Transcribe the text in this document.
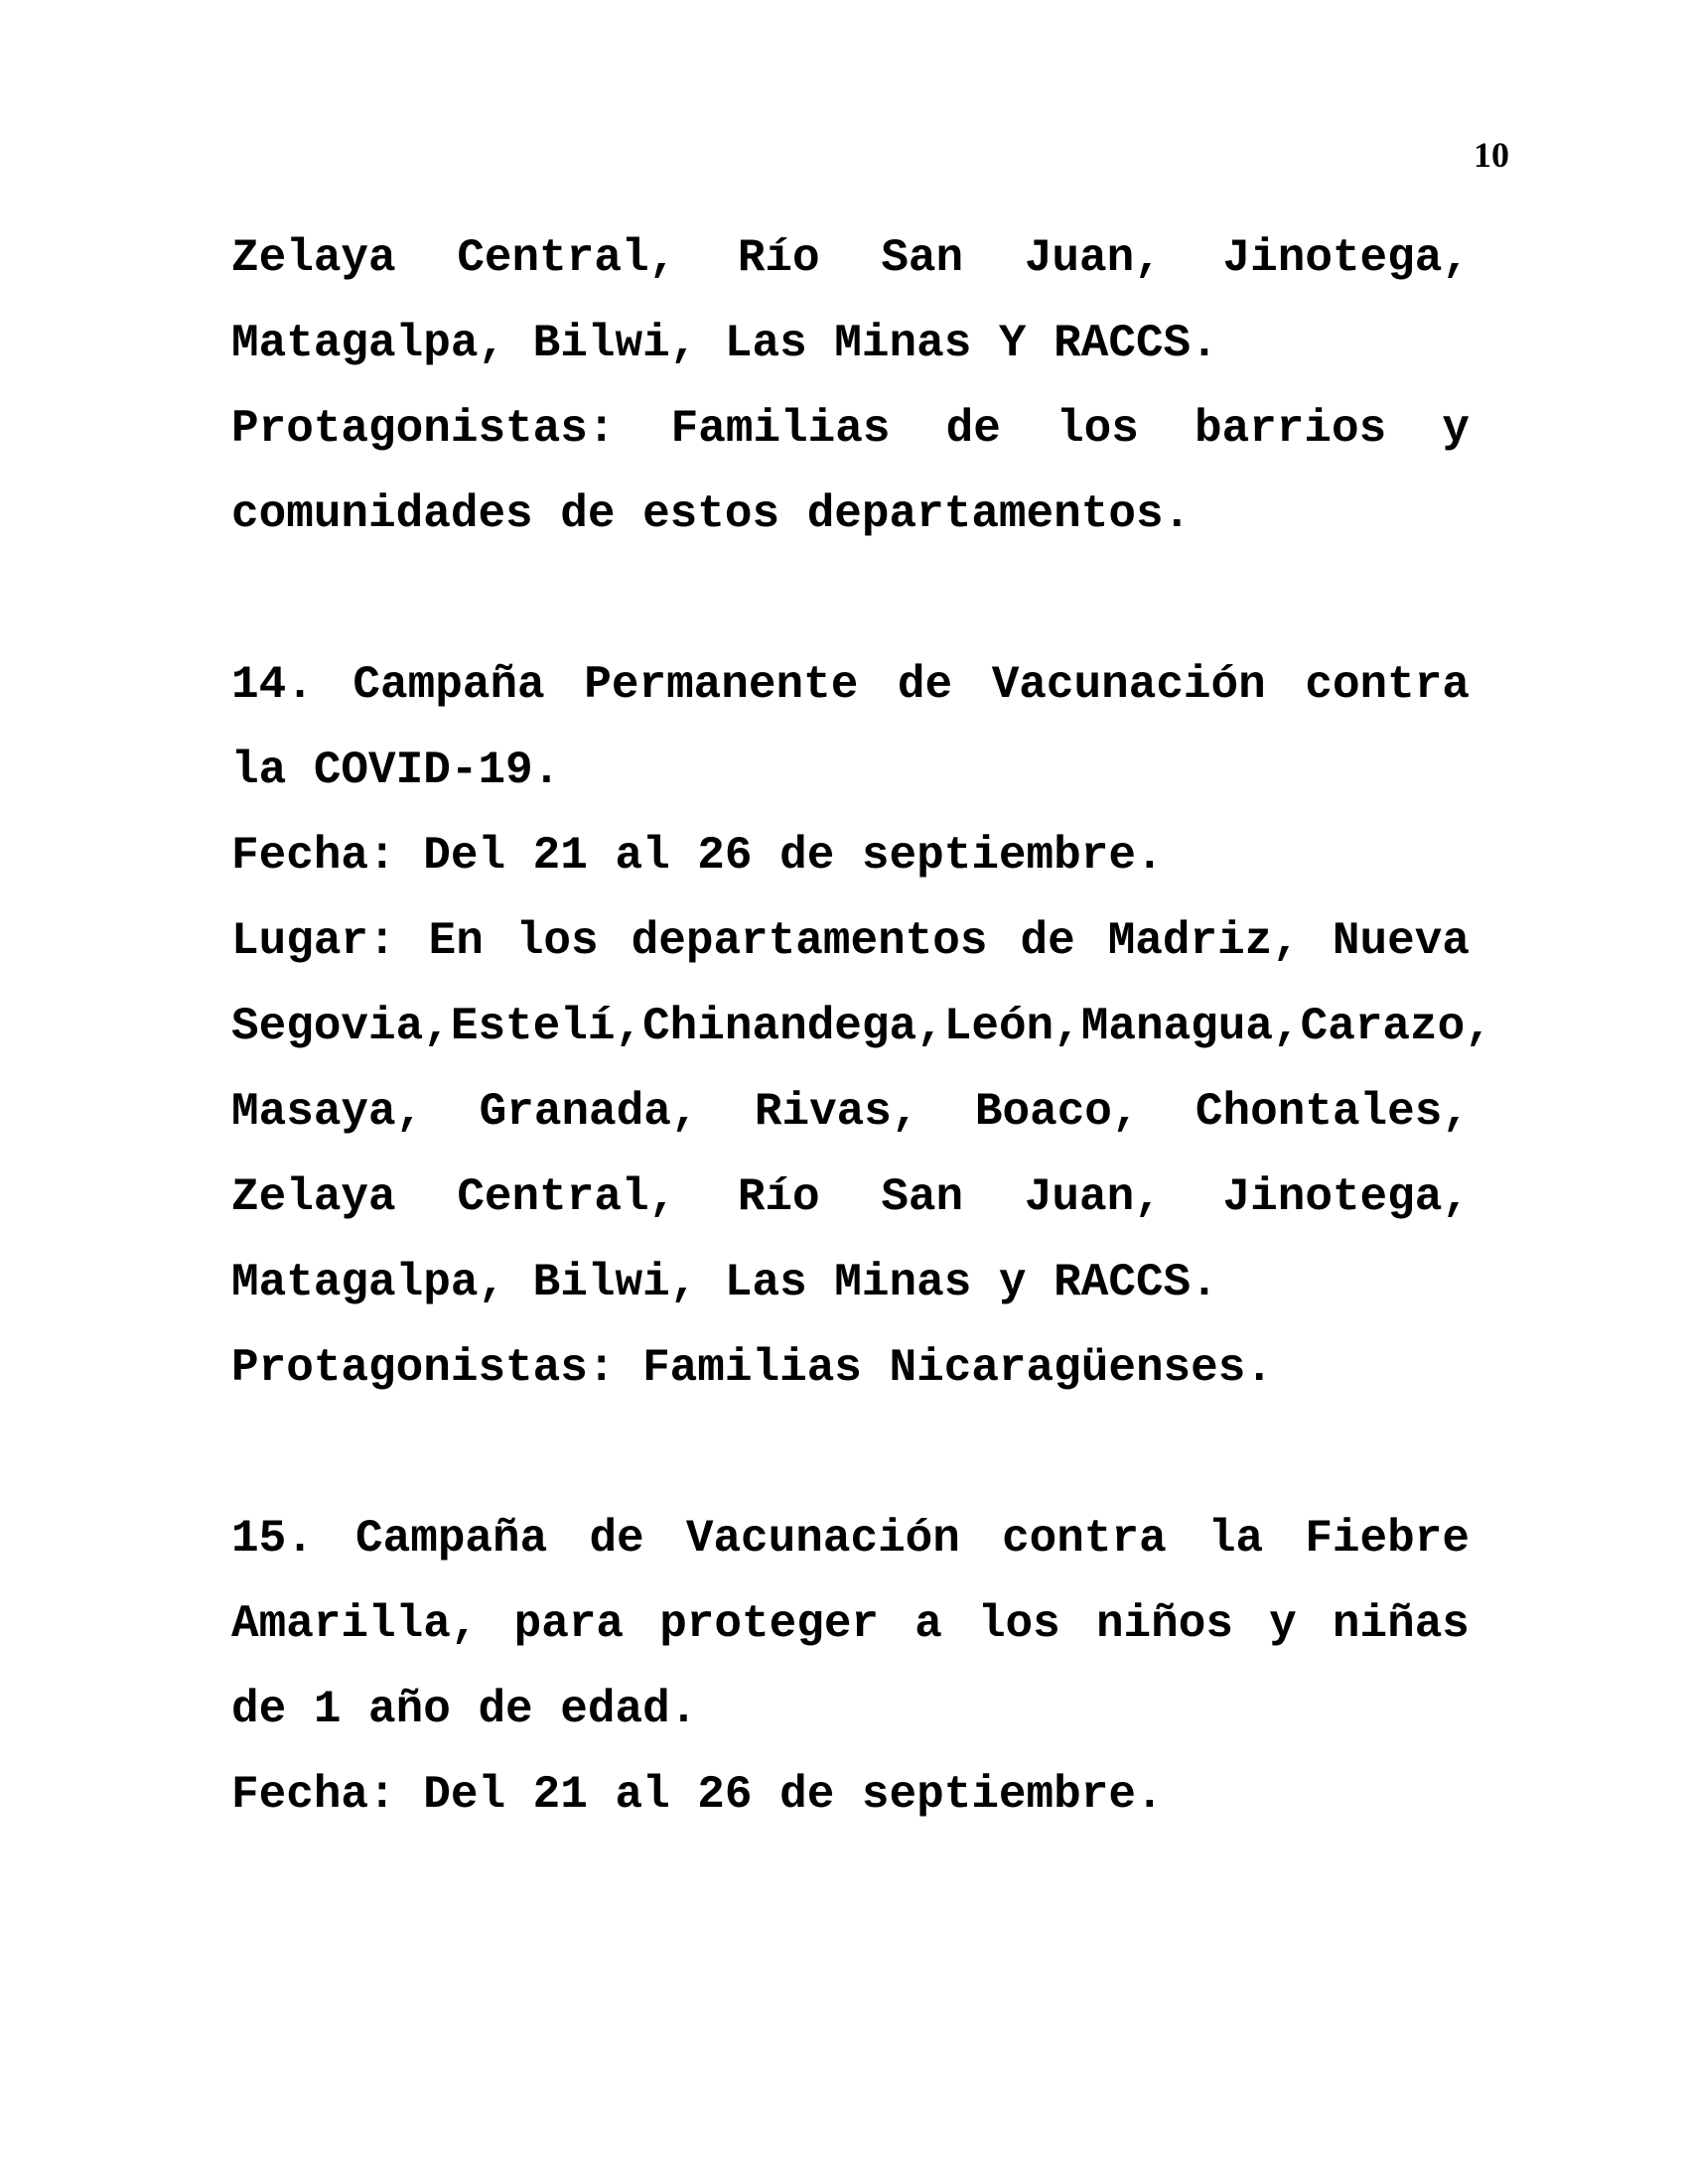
10
Zelaya Central, Río San Juan, Jinotega,
Matagalpa, Bilwi, Las Minas Y RACCS.
Protagonistas: Familias de los barrios y
comunidades de estos departamentos.
14. Campaña Permanente de Vacunación contra
la COVID-19.
Fecha: Del 21 al 26 de septiembre.
Lugar: En los departamentos de Madriz, Nueva
Segovia, Estelí, Chinandega, León, Managua, Carazo,
Masaya, Granada, Rivas, Boaco, Chontales,
Zelaya Central, Río San Juan, Jinotega,
Matagalpa, Bilwi, Las Minas y RACCS.
Protagonistas: Familias Nicaragüenses.
15. Campaña de Vacunación contra la Fiebre
Amarilla, para proteger a los niños y niñas
de 1 año de edad.
Fecha: Del 21 al 26 de septiembre.
